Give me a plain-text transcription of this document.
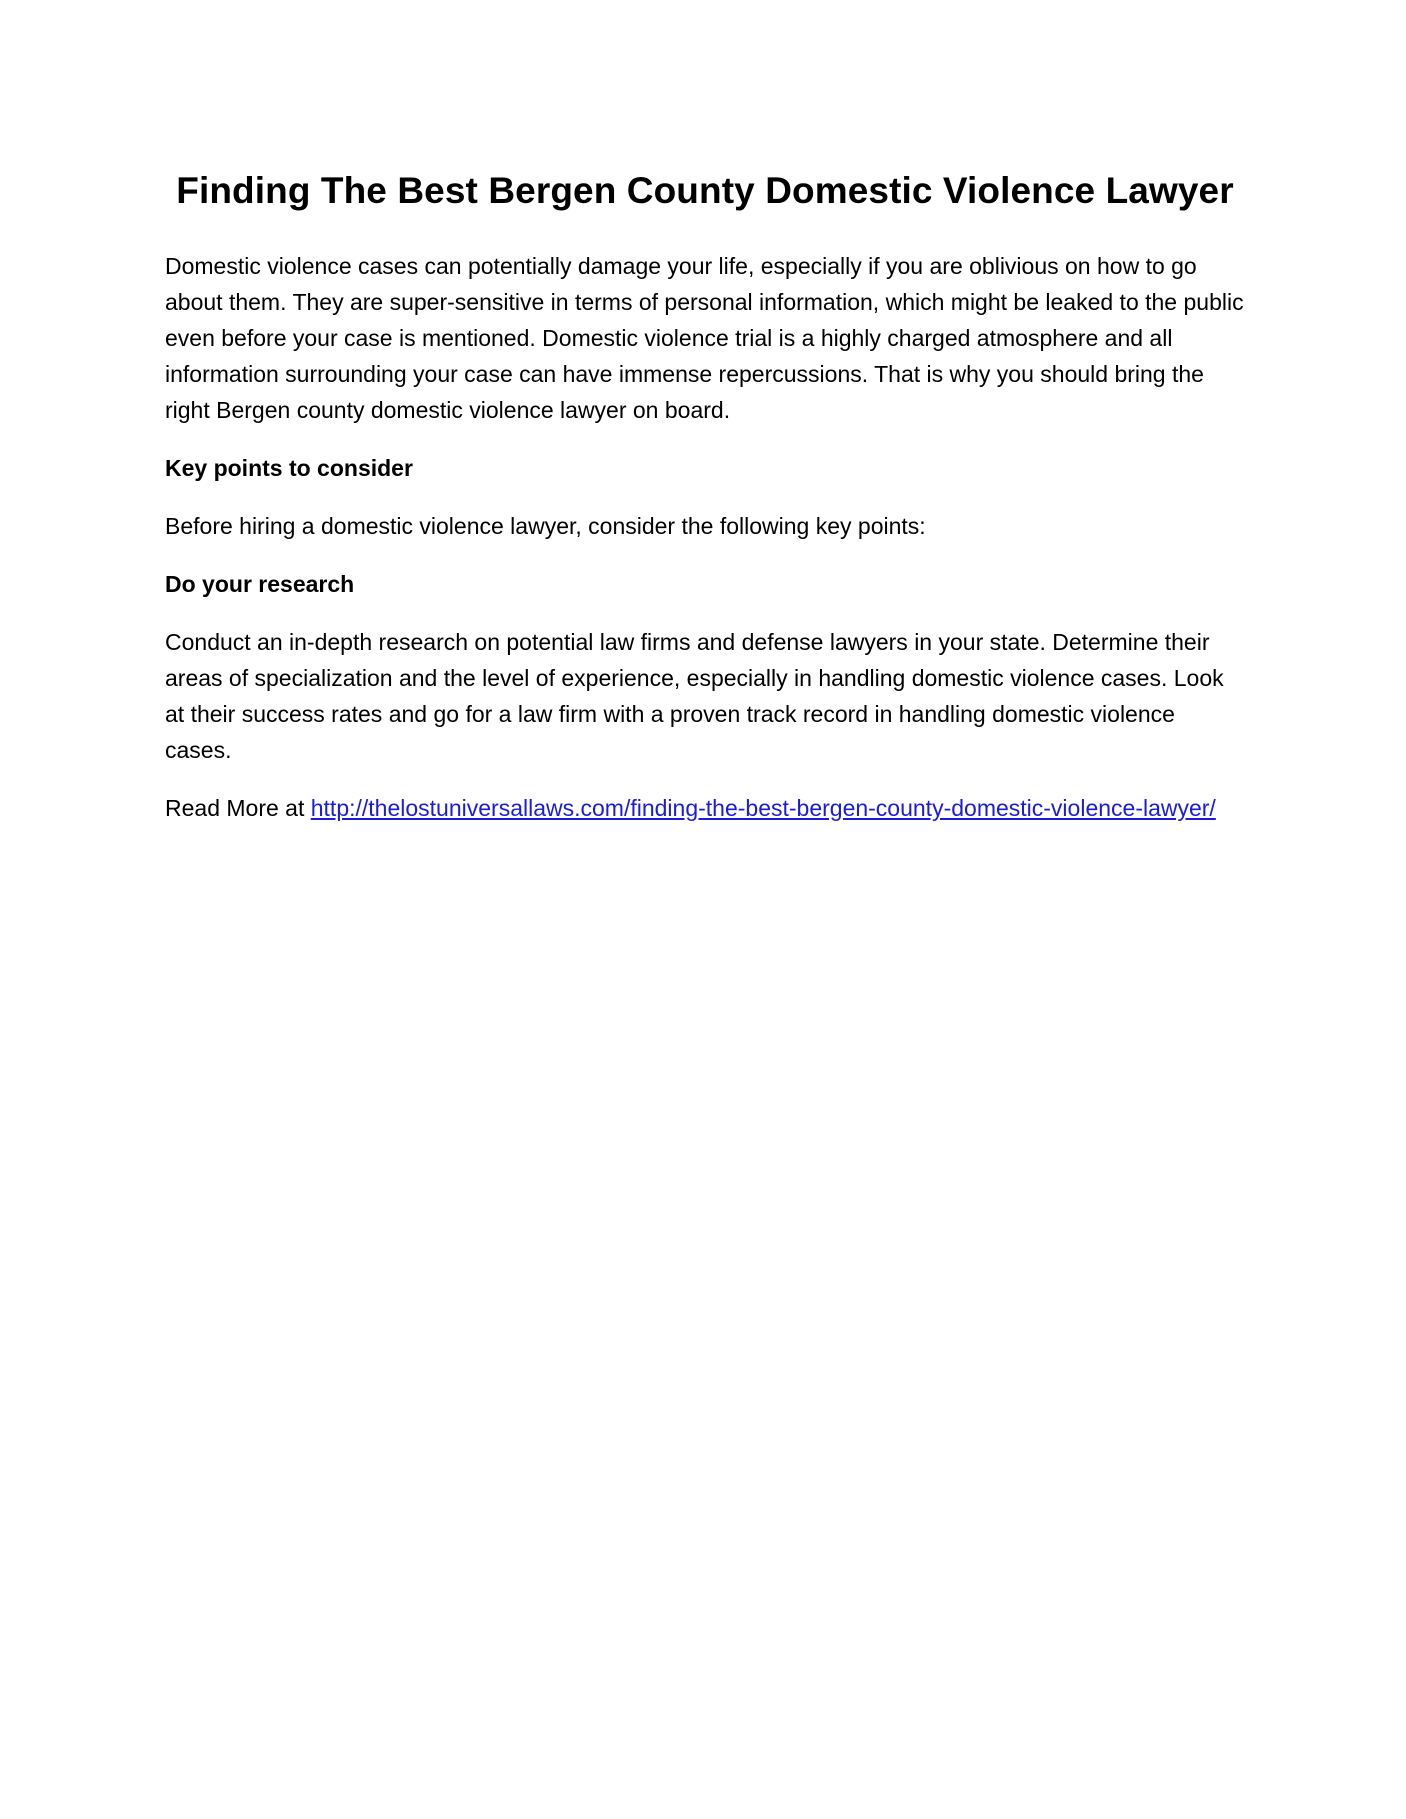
Finding The Best Bergen County Domestic Violence Lawyer

Domestic violence cases can potentially damage your life, especially if you are oblivious on how to go about them. They are super-sensitive in terms of personal information, which might be leaked to the public even before your case is mentioned. Domestic violence trial is a highly charged atmosphere and all information surrounding your case can have immense repercussions. That is why you should bring the right Bergen county domestic violence lawyer on board.

Key points to consider

Before hiring a domestic violence lawyer, consider the following key points:

Do your research

Conduct an in-depth research on potential law firms and defense lawyers in your state. Determine their areas of specialization and the level of experience, especially in handling domestic violence cases. Look at their success rates and go for a law firm with a proven track record in handling domestic violence cases.

Read More at http://thelostuniversallaws.com/finding-the-best-bergen-county-domestic-violence-lawyer/
